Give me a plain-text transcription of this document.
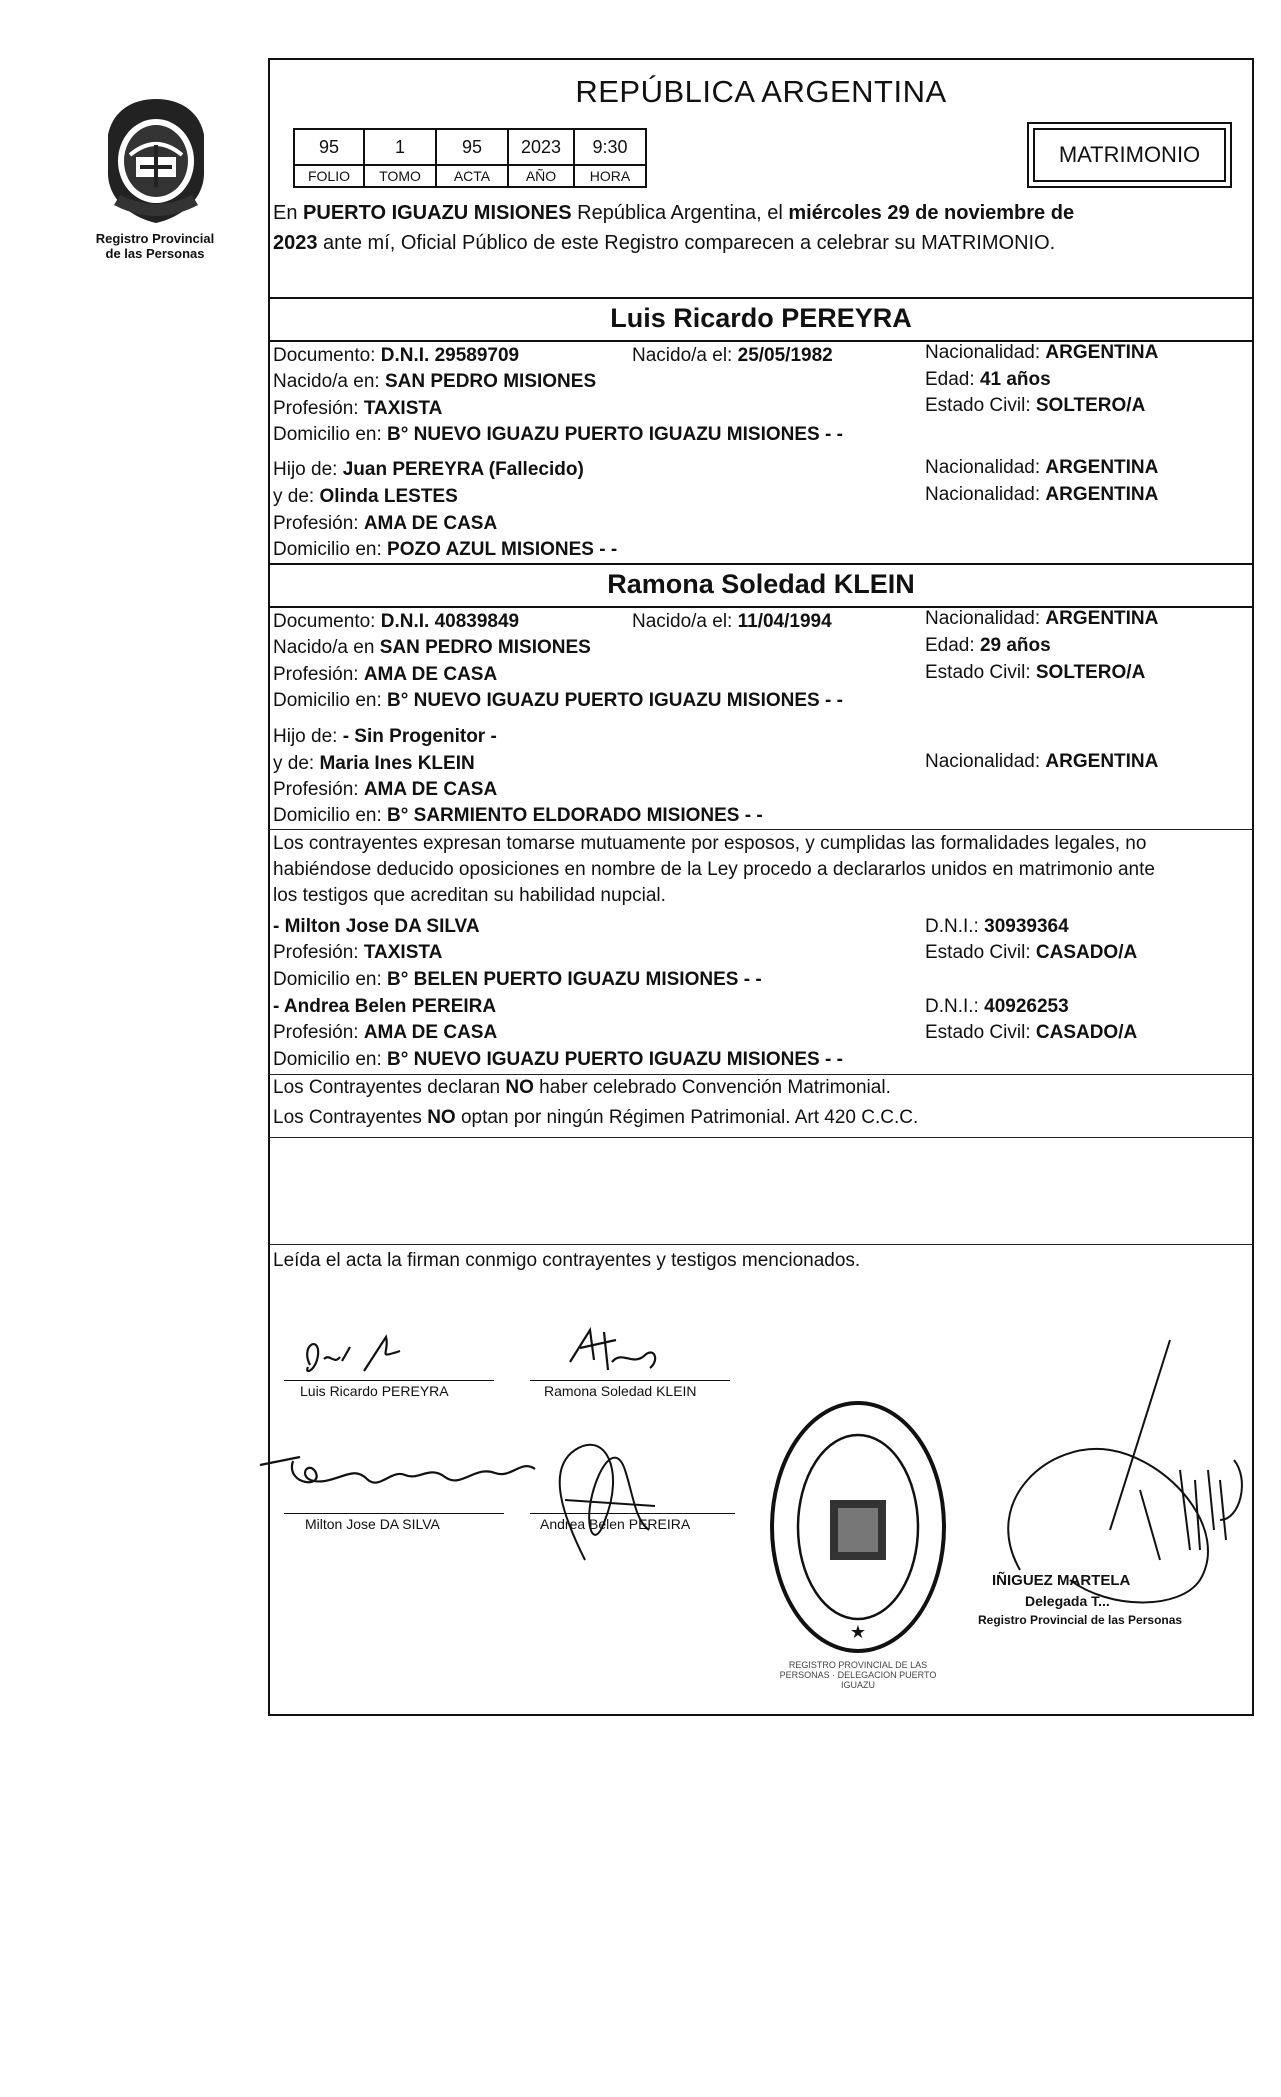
Registro Provincial
de las Personas
REPÚBLICA ARGENTINA
95	1	95	2023	9:30
FOLIO	TOMO	ACTA	AÑO	HORA
MATRIMONIO
En PUERTO IGUAZU MISIONES República Argentina, el miércoles 29 de noviembre de
2023 ante mí, Oficial Público de este Registro comparecen a celebrar su MATRIMONIO.
Luis Ricardo PEREYRA
Documento: D.N.I. 29589709	Nacido/a el: 25/05/1982	Nacionalidad: ARGENTINA
Nacido/a en: SAN PEDRO MISIONES	Edad: 41 años
Profesión: TAXISTA	Estado Civil: SOLTERO/A
Domicilio en: B° NUEVO IGUAZU PUERTO IGUAZU MISIONES - -
Hijo de: Juan PEREYRA (Fallecido)	Nacionalidad: ARGENTINA
y de: Olinda LESTES	Nacionalidad: ARGENTINA
Profesión: AMA DE CASA
Domicilio en: POZO AZUL MISIONES - -
Ramona Soledad KLEIN
Documento: D.N.I. 40839849	Nacido/a el: 11/04/1994	Nacionalidad: ARGENTINA
Nacido/a en SAN PEDRO MISIONES	Edad: 29 años
Profesión: AMA DE CASA	Estado Civil: SOLTERO/A
Domicilio en: B° NUEVO IGUAZU PUERTO IGUAZU MISIONES - -
Hijo de: - Sin Progenitor -
y de: Maria Ines KLEIN	Nacionalidad: ARGENTINA
Profesión: AMA DE CASA
Domicilio en: B° SARMIENTO ELDORADO MISIONES - -
Los contrayentes expresan tomarse mutuamente por esposos, y cumplidas las formalidades legales, no
habiéndose deducido oposiciones en nombre de la Ley procedo a declararlos unidos en matrimonio ante
los testigos que acreditan su habilidad nupcial.
- Milton Jose DA SILVA	D.N.I.: 30939364
Profesión: TAXISTA	Estado Civil: CASADO/A
Domicilio en: B° BELEN PUERTO IGUAZU MISIONES - -
- Andrea Belen PEREIRA	D.N.I.: 40926253
Profesión: AMA DE CASA	Estado Civil: CASADO/A
Domicilio en: B° NUEVO IGUAZU PUERTO IGUAZU MISIONES - -
Los Contrayentes declaran NO haber celebrado Convención Matrimonial.
Los Contrayentes NO optan por ningún Régimen Patrimonial. Art 420 C.C.C.
Leída el acta la firman conmigo contrayentes y testigos mencionados.
Luis Ricardo PEREYRA	Ramona Soledad KLEIN
Milton Jose DA SILVA	Andrea Belen PEREIRA
★
REGISTRO PROVINCIAL DE LAS PERSONAS · DELEGACION PUERTO IGUAZU
IÑIGUEZ MARTELA
Delegada T...
Registro Provincial de las Personas
